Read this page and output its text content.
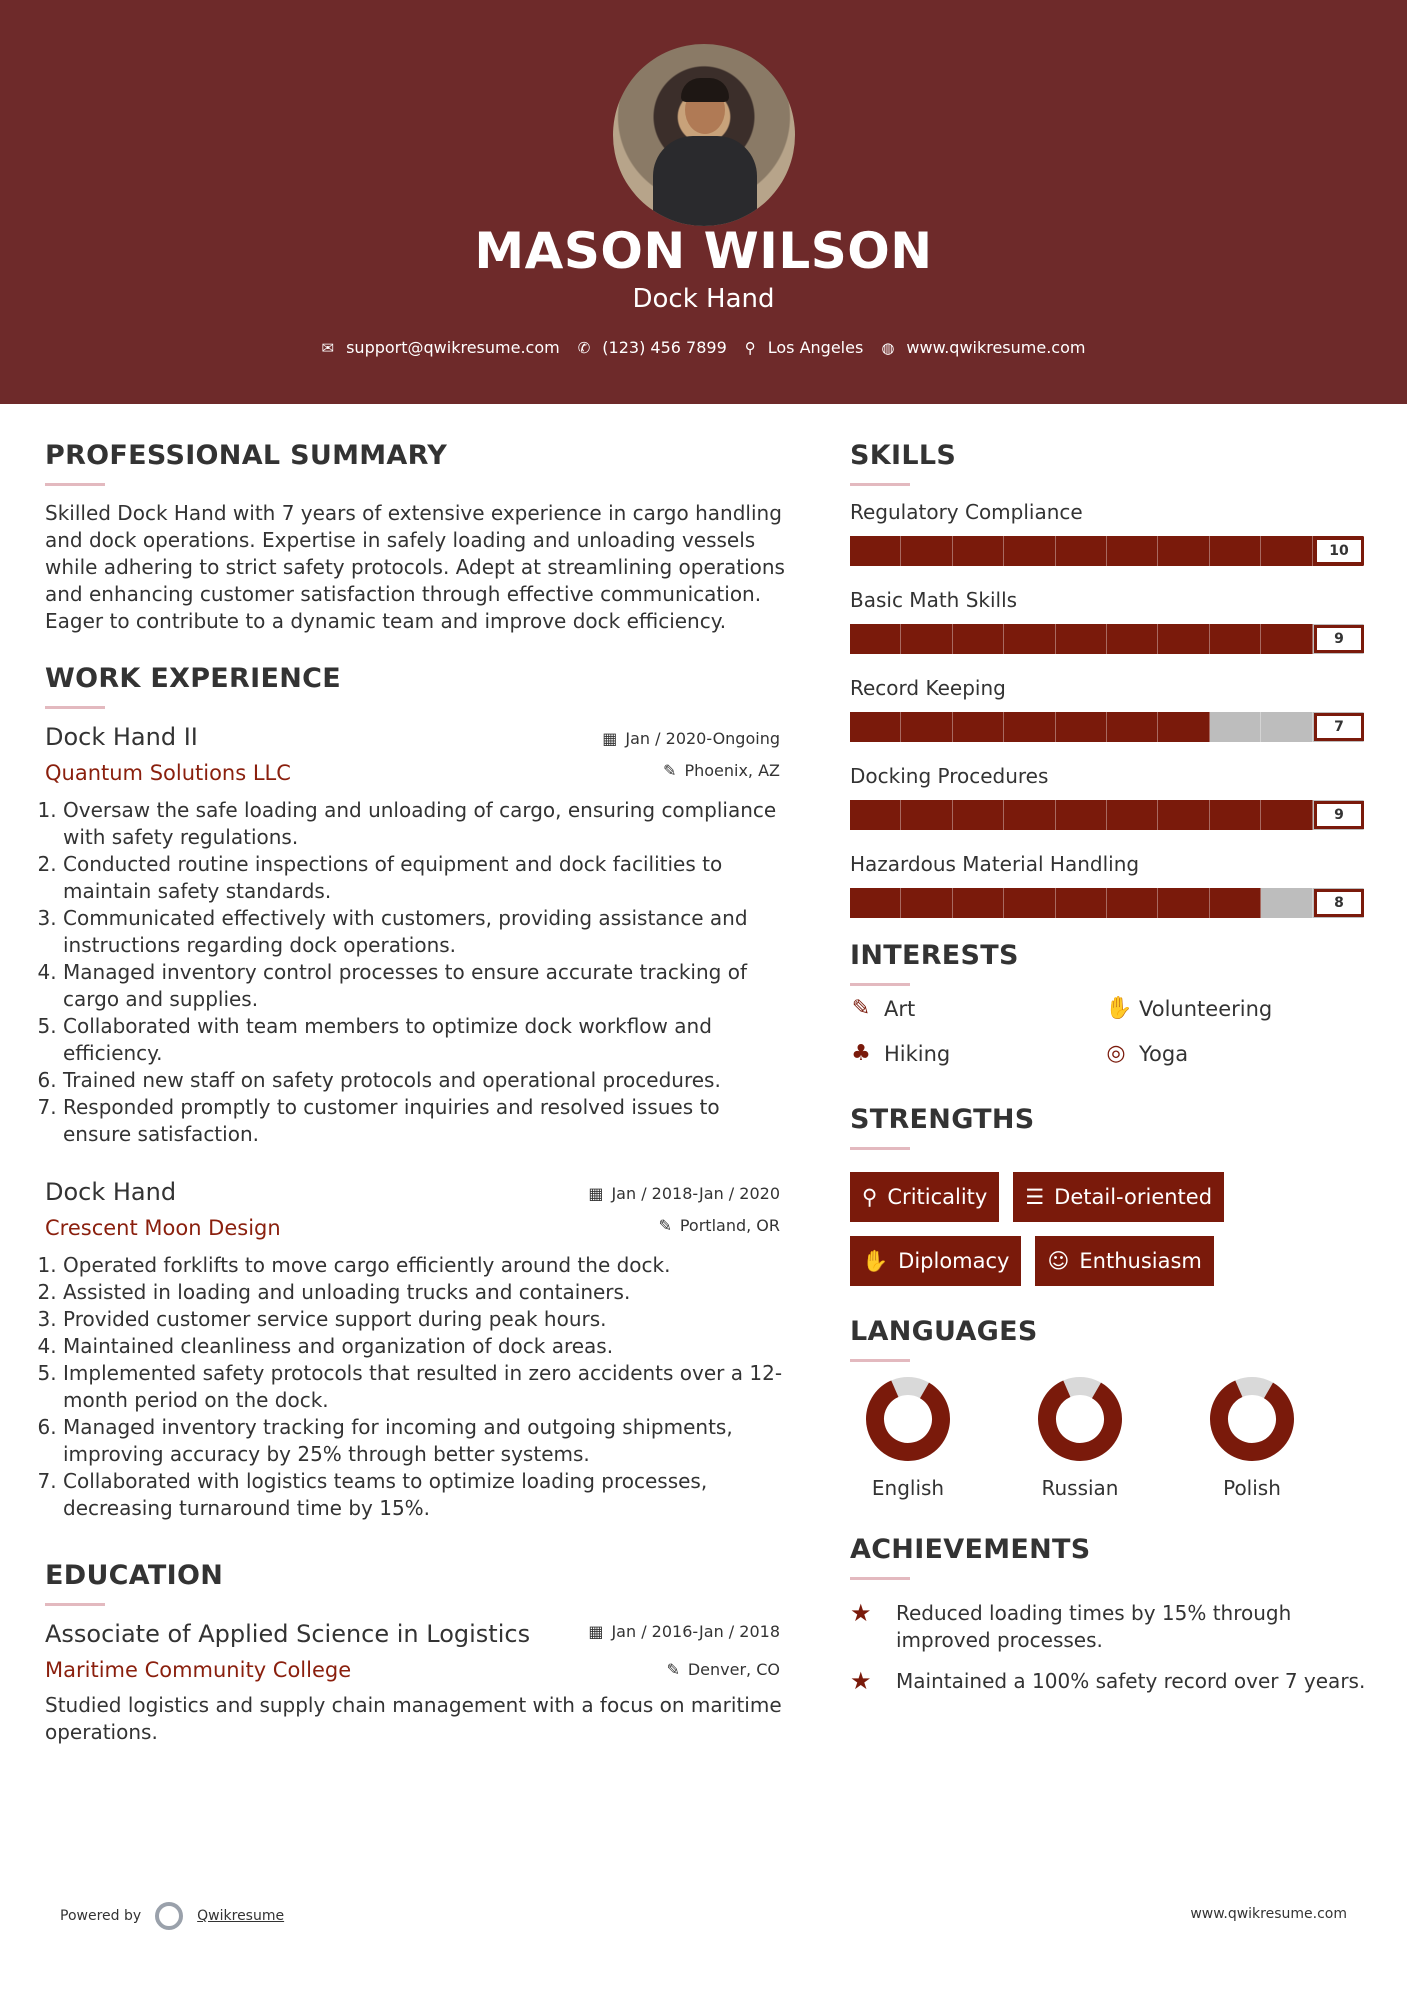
MASON WILSON
Dock Hand
✉ support@qwikresume.com ✆ (123) 456 7899 ⚲ Los Angeles ◍ www.qwikresume.com
PROFESSIONAL SUMMARY

Skilled Dock Hand with 7 years of extensive experience in cargo handling and dock operations. Expertise in safely loading and unloading vessels while adhering to strict safety protocols. Adept at streamlining operations and enhancing customer satisfaction through effective communication. Eager to contribute to a dynamic team and improve dock efficiency.

WORK EXPERIENCE
Dock Hand II	▦ Jan / 2020-Ongoing
Quantum Solutions LLC	✎ Phoenix, AZ
1. Oversaw the safe loading and unloading of cargo, ensuring compliance with safety regulations.
2. Conducted routine inspections of equipment and dock facilities to maintain safety standards.
3. Communicated effectively with customers, providing assistance and instructions regarding dock operations.
4. Managed inventory control processes to ensure accurate tracking of cargo and supplies.
5. Collaborated with team members to optimize dock workflow and efficiency.
6. Trained new staff on safety protocols and operational procedures.
7. Responded promptly to customer inquiries and resolved issues to ensure satisfaction.
Dock Hand	▦ Jan / 2018-Jan / 2020
Crescent Moon Design	✎ Portland, OR
1. Operated forklifts to move cargo efficiently around the dock.
2. Assisted in loading and unloading trucks and containers.
3. Provided customer service support during peak hours.
4. Maintained cleanliness and organization of dock areas.
5. Implemented safety protocols that resulted in zero accidents over a 12-month period on the dock.
6. Managed inventory tracking for incoming and outgoing shipments, improving accuracy by 25% through better systems.
7. Collaborated with logistics teams to optimize loading processes, decreasing turnaround time by 15%.
EDUCATION
Associate of Applied Science in Logistics	▦ Jan / 2016-Jan / 2018
Maritime Community College	✎ Denver, CO

Studied logistics and supply chain management with a focus on maritime operations.

SKILLS
Regulatory Compliance
10
Basic Math Skills
9
Record Keeping
7
Docking Procedures
9
Hazardous Material Handling
8
INTERESTS
✎ Art	✋ Volunteering
♣ Hiking	◎ Yoga
STRENGTHS
⚲ Criticality ☰ Detail-oriented
✋ Diplomacy ☺ Enthusiasm
LANGUAGES
English	Russian	Polish
ACHIEVEMENTS
★	Reduced loading times by 15% through improved processes.
★	Maintained a 100% safety record over 7 years.
Powered by	Qwikresume	www.qwikresume.com
